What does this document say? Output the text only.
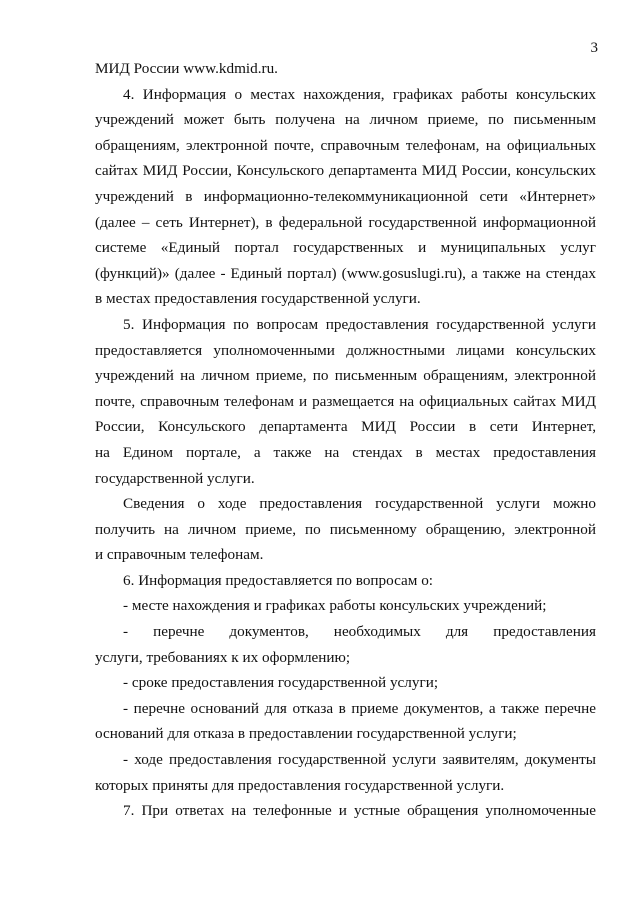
3
МИД России www.kdmid.ru.
4. Информация о местах нахождения, графиках работы консульских
учреждений может быть получена на личном приеме, по письменным
обращениям, электронной почте, справочным телефонам, на официальных
сайтах МИД России, Консульского департамента МИД России, консульских
учреждений в информационно-телекоммуникационной сети «Интернет»
(далее – сеть Интернет), в федеральной государственной информационной
системе «Единый портал государственных и муниципальных услуг
(функций)» (далее - Единый портал) (www.gosuslugi.ru), а также на стендах
в местах предоставления государственной услуги.
5. Информация по вопросам предоставления государственной услуги
предоставляется уполномоченными должностными лицами консульских
учреждений на личном приеме, по письменным обращениям, электронной
почте, справочным телефонам и размещается на официальных сайтах МИД
России, Консульского департамента МИД России в сети Интернет,
на Едином портале, а также на стендах в местах предоставления
государственной услуги.
Сведения о ходе предоставления государственной услуги можно
получить на личном приеме, по письменному обращению, электронной
и справочным телефонам.
6. Информация предоставляется по вопросам о:
- месте нахождения и графиках работы консульских учреждений;
- перечне документов, необходимых для предоставления
услуги, требованиях к их оформлению;
- сроке предоставления государственной услуги;
- перечне оснований для отказа в приеме документов, а также перечне
оснований для отказа в предоставлении государственной услуги;
- ходе предоставления государственной услуги заявителям, документы
которых приняты для предоставления государственной услуги.
7. При ответах на телефонные и устные обращения уполномоченные
